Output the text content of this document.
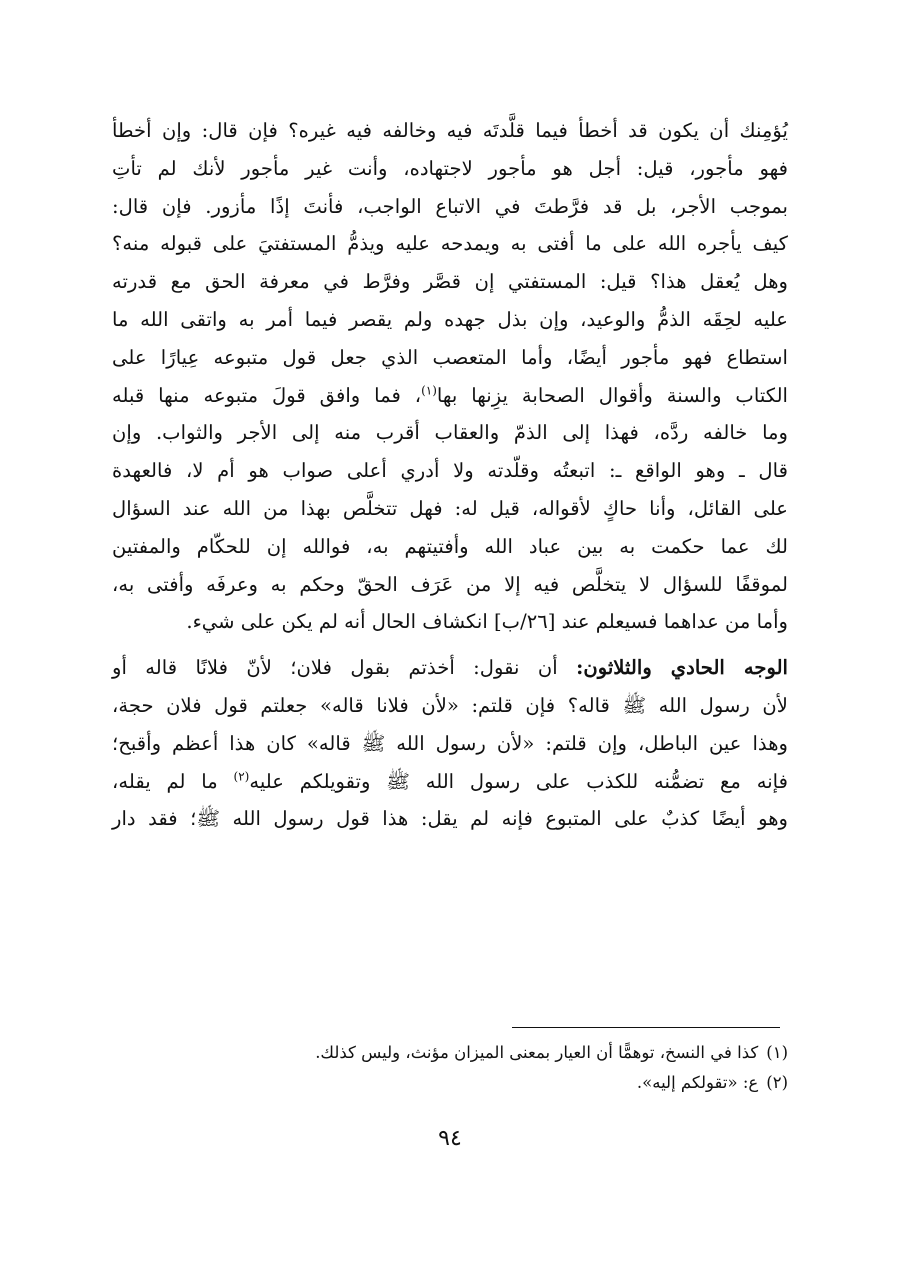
يُؤمِنك أن يكون قد أخطأ فيما قلَّدتَه فيه وخالفه فيه غيره؟ فإن قال: وإن أخطأ
فهو مأجور، قيل: أجل هو مأجور لاجتهاده، وأنت غير مأجور لأنك لم تأتِ
بموجب الأجر، بل قد فرَّطتَ في الاتباع الواجب، فأنتَ إذًا مأزور. فإن قال:
كيف يأجره الله على ما أفتى به ويمدحه عليه ويذمُّ المستفتيَ على قبوله منه؟
وهل يُعقل هذا؟ قيل: المستفتي إن قصَّر وفرَّط في معرفة الحق مع قدرته
عليه لحِقَه الذمُّ والوعيد، وإن بذل جهده ولم يقصر فيما أمر به واتقى الله ما
استطاع فهو مأجور أيضًا، وأما المتعصب الذي جعل قول متبوعه عِيارًا على
الكتاب والسنة وأقوال الصحابة يزِنها بها$^{(١)}$، فما وافق قولَ متبوعه منها قبله
وما خالفه ردَّه، فهذا إلى الذمّ والعقاب أقرب منه إلى الأجر والثواب. وإن
قال ـ وهو الواقع ـ: اتبعتُه وقلّدته ولا أدري أعلى صواب هو أم لا، فالعهدة
على القائل، وأنا حاكٍ لأقواله، قيل له: فهل تتخلَّص بهذا من الله عند السؤال
لك عما حكمت به بين عباد الله وأفتيتهم به، فوالله إن للحكّام والمفتين
لموقفًا للسؤال لا يتخلَّص فيه إلا من عَرَف الحقّ وحكم به وعرفَه وأفتى به،
وأما من عداهما فسيعلم عند [٢٦/ب] انكشاف الحال أنه لم يكن على شيء.
الوجه الحادي والثلاثون: أن نقول: أخذتم بقول فلان؛ لأنّ فلانًا قاله أو
لأن رسول الله ﷺ قاله؟ فإن قلتم: «لأن فلانا قاله» جعلتم قول فلان حجة،
وهذا عين الباطل، وإن قلتم: «لأن رسول الله ﷺ قاله» كان هذا أعظم وأقبح؛
فإنه مع تضمُّنه للكذب على رسول الله ﷺ وتقويلكم عليه$^{(٢)}$ ما لم يقله،
وهو أيضًا كذبٌ على المتبوع فإنه لم يقل: هذا قول رسول الله ﷺ؛ فقد دار
(١)كذا في النسخ، توهمًّا أن العيار بمعنى الميزان مؤنث، وليس كذلك.
(٢)ع: «تقولكم إليه».
٩٤
